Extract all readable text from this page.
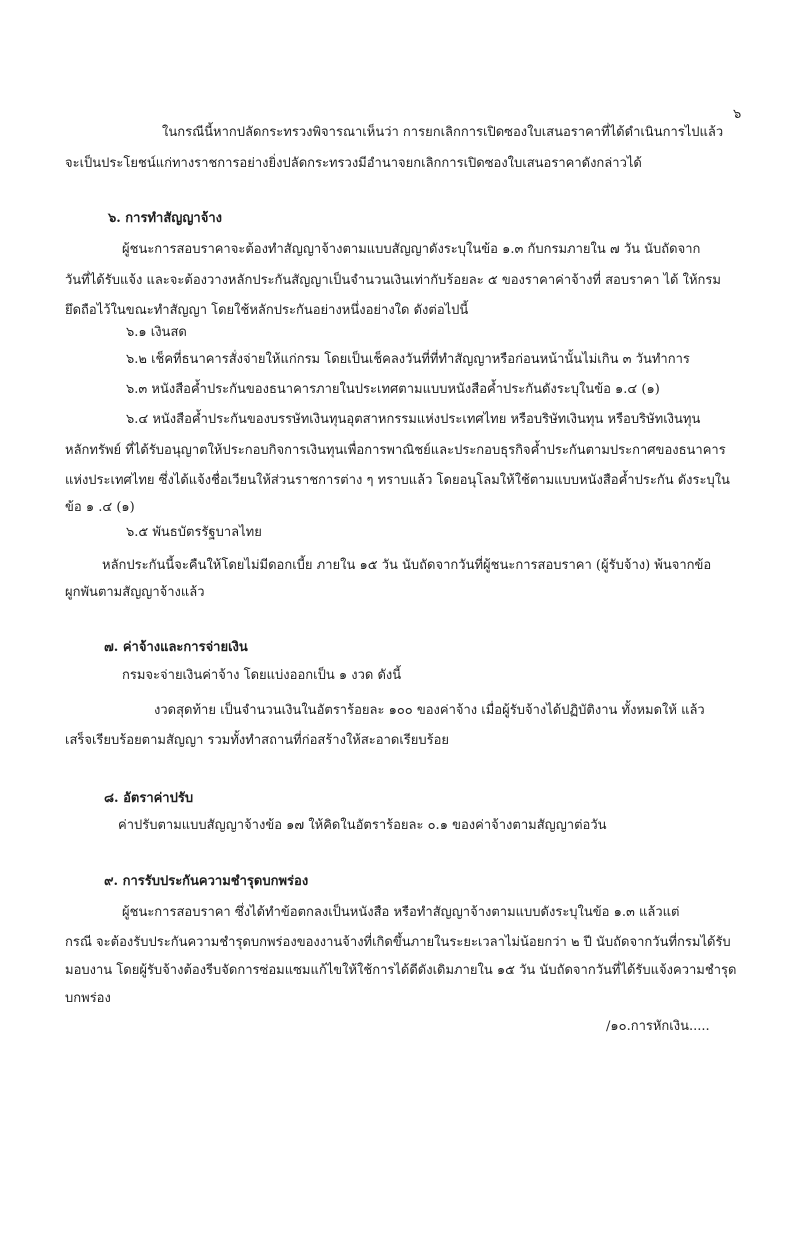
๖
ในกรณีนี้หากปลัดกระทรวงพิจารณาเห็นว่า การยกเลิกการเปิดซองใบเสนอราคาที่ได้ดำเนินการไปแล้ว
จะเป็นประโยชน์แก่ทางราชการอย่างยิ่งปลัดกระทรวงมีอำนาจยกเลิกการเปิดซองใบเสนอราคาดังกล่าวได้
๖. การทำสัญญาจ้าง
ผู้ชนะการสอบราคาจะต้องทำสัญญาจ้างตามแบบสัญญาดังระบุในข้อ ๑.๓ กับกรมภายใน ๗ วัน นับถัดจาก
วันที่ได้รับแจ้ง และจะต้องวางหลักประกันสัญญาเป็นจำนวนเงินเท่ากับร้อยละ ๕ ของราคาค่าจ้างที่ สอบราคา ได้ ให้กรม
ยึดถือไว้ในขณะทำสัญญา โดยใช้หลักประกันอย่างหนึ่งอย่างใด ดังต่อไปนี้
๖.๑ เงินสด
๖.๒ เช็คที่ธนาคารสั่งจ่ายให้แก่กรม โดยเป็นเช็คลงวันที่ที่ทำสัญญาหรือก่อนหน้านั้นไม่เกิน ๓ วันทำการ
๖.๓ หนังสือค้ำประกันของธนาคารภายในประเทศตามแบบหนังสือค้ำประกันดังระบุในข้อ ๑.๔ (๑)
๖.๔ หนังสือค้ำประกันของบรรษัทเงินทุนอุตสาหกรรมแห่งประเทศไทย หรือบริษัทเงินทุน หรือบริษัทเงินทุน
หลักทรัพย์ ที่ได้รับอนุญาตให้ประกอบกิจการเงินทุนเพื่อการพาณิชย์และประกอบธุรกิจค้ำประกันตามประกาศของธนาคาร
แห่งประเทศไทย ซึ่งได้แจ้งชื่อเวียนให้ส่วนราชการต่าง ๆ ทราบแล้ว โดยอนุโลมให้ใช้ตามแบบหนังสือค้ำประกัน ดังระบุใน
ข้อ ๑ .๔ (๑)
๖.๕ พันธบัตรรัฐบาลไทย
หลักประกันนี้จะคืนให้โดยไม่มีดอกเบี้ย ภายใน ๑๕ วัน นับถัดจากวันที่ผู้ชนะการสอบราคา (ผู้รับจ้าง) พ้นจากข้อ
ผูกพันตามสัญญาจ้างแล้ว
๗. ค่าจ้างและการจ่ายเงิน
กรมจะจ่ายเงินค่าจ้าง โดยแบ่งออกเป็น ๑ งวด ดังนี้
งวดสุดท้าย เป็นจำนวนเงินในอัตราร้อยละ ๑๐๐ ของค่าจ้าง เมื่อผู้รับจ้างได้ปฏิบัติงาน ทั้งหมดให้ แล้ว
เสร็จเรียบร้อยตามสัญญา รวมทั้งทำสถานที่ก่อสร้างให้สะอาดเรียบร้อย
๘. อัตราค่าปรับ
ค่าปรับตามแบบสัญญาจ้างข้อ ๑๗ ให้คิดในอัตราร้อยละ ๐.๑ ของค่าจ้างตามสัญญาต่อวัน
๙. การรับประกันความชำรุดบกพร่อง
ผู้ชนะการสอบราคา ซึ่งได้ทำข้อตกลงเป็นหนังสือ หรือทำสัญญาจ้างตามแบบดังระบุในข้อ ๑.๓ แล้วแต่
กรณี จะต้องรับประกันความชำรุดบกพร่องของงานจ้างที่เกิดขึ้นภายในระยะเวลาไม่น้อยกว่า ๒ ปี นับถัดจากวันที่กรมได้รับ
มอบงาน โดยผู้รับจ้างต้องรีบจัดการซ่อมแซมแก้ไขให้ใช้การได้ดีดังเดิมภายใน ๑๕ วัน นับถัดจากวันที่ได้รับแจ้งความชำรุด
บกพร่อง
/๑๐.การหักเงิน.....
